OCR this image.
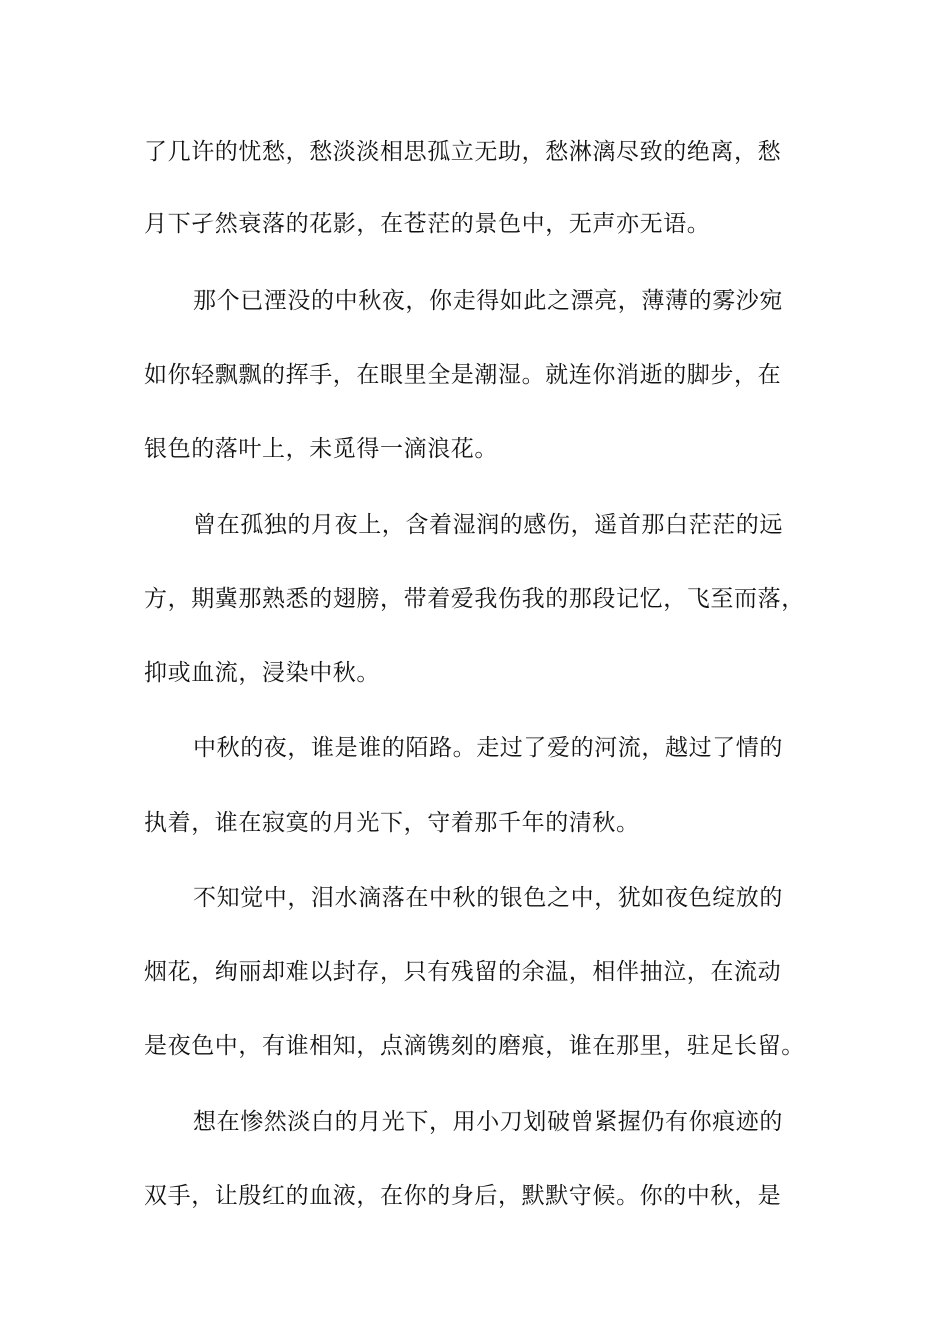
了几许的忧愁，愁淡淡相思孤立无助，愁淋漓尽致的绝离，愁
月下孑然衰落的花影，在苍茫的景色中，无声亦无语。
那个已湮没的中秋夜，你走得如此之漂亮，薄薄的雾沙宛
如你轻飘飘的挥手，在眼里全是潮湿。就连你消逝的脚步，在
银色的落叶上，未觅得一滴浪花。
曾在孤独的月夜上，含着湿润的感伤，遥首那白茫茫的远
方，期冀那熟悉的翅膀，带着爱我伤我的那段记忆，飞至而落，
抑或血流，浸染中秋。
中秋的夜，谁是谁的陌路。走过了爱的河流，越过了情的
执着，谁在寂寞的月光下，守着那千年的清秋。
不知觉中，泪水滴落在中秋的银色之中，犹如夜色绽放的
烟花，绚丽却难以封存，只有残留的余温，相伴抽泣，在流动
是夜色中，有谁相知，点滴镌刻的磨痕，谁在那里，驻足长留。
想在惨然淡白的月光下，用小刀划破曾紧握仍有你痕迹的
双手，让殷红的血液，在你的身后，默默守候。你的中秋，是
